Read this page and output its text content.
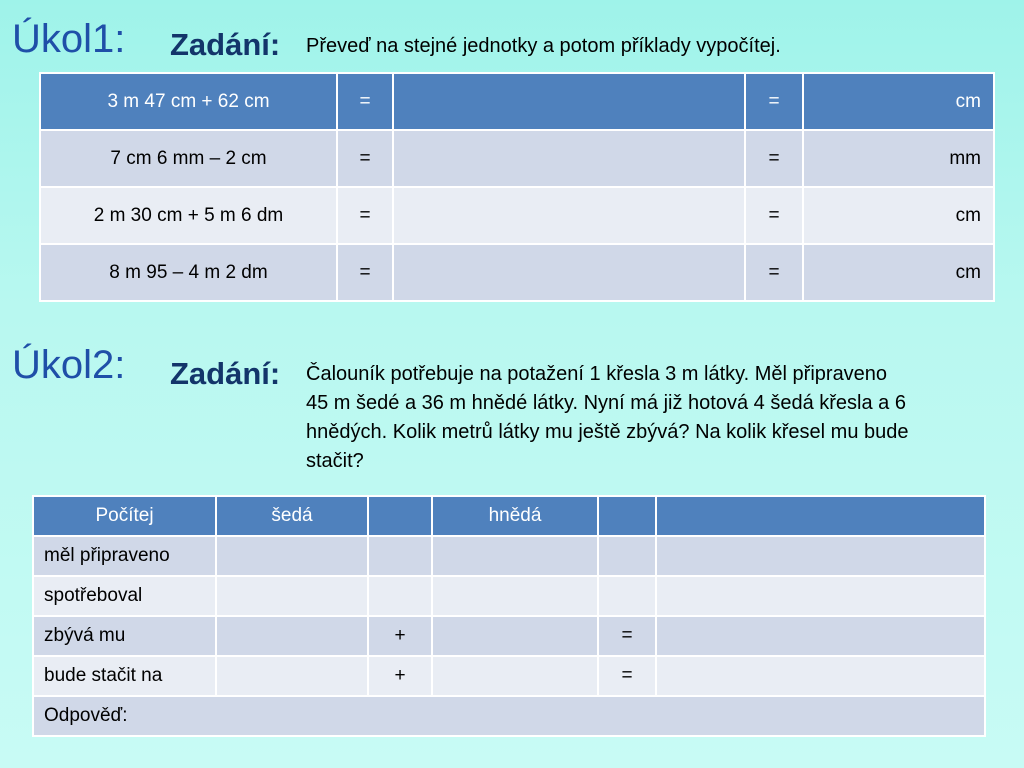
Úkol1: Zadání: Převeď na stejné jednotky a potom příklady vypočítej.
3 m 47 cm + 62 cm	=		=	cm
7 cm 6 mm – 2 cm	=		=	mm
2 m 30 cm + 5 m 6 dm	=		=	cm
8 m 95 – 4 m 2 dm	=		=	cm
Úkol2: Zadání: Čalouník potřebuje na potažení 1 křesla 3 m látky. Měl připraveno
45 m šedé a 36 m hnědé látky. Nyní má již hotová 4 šedá křesla a 6
hnědých. Kolik metrů látky mu ještě zbývá? Na kolik křesel mu bude
stačit?
Počítej	šedá		hnědá		
měl připraveno					
spotřeboval					
zbývá mu		+		=	
bude stačit na		+		=	
Odpověď:					
